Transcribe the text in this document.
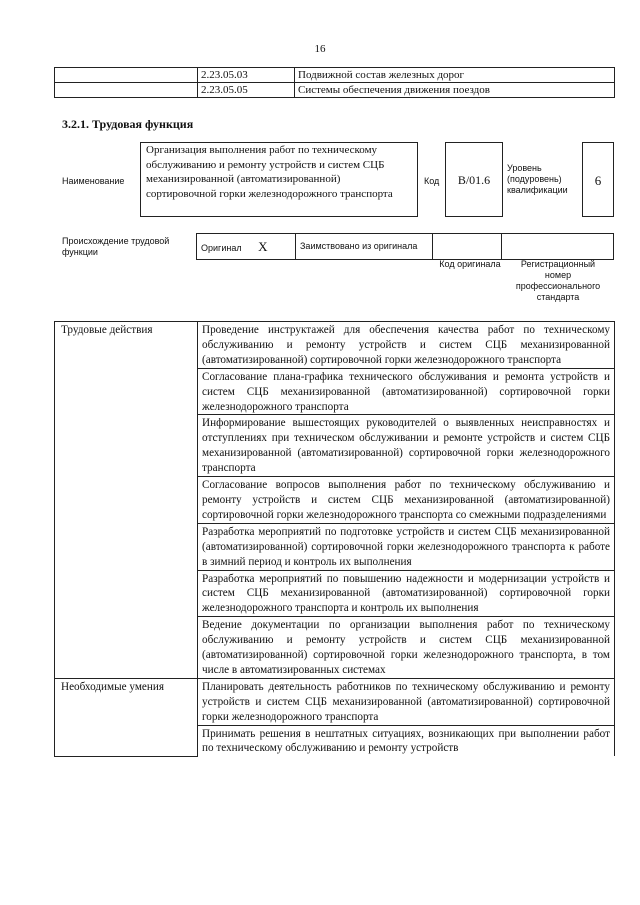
16
	2.23.05.03	Подвижной состав железных дорог
	2.23.05.05	Системы обеспечения движения поездов
3.2.1. Трудовая функция
Наименование
Организация выполнения работ по техническому обслуживанию и ремонту устройств и систем СЦБ механизированной (автоматизированной) сортировочной горки железнодорожного транспорта
Код	B/01.6
Уровень (подуровень) квалификации
6
Происхождение трудовой функции	Оригинал X	Заимствовано из оригинала		
Код оригинала	Регистрационный номер профессионального стандарта
Трудовые действия	Проведение инструктажей для обеспечения качества работ по техническому обслуживанию и ремонту устройств и систем СЦБ механизированной (автоматизированной) сортировочной горки железнодорожного транспорта
	Согласование плана-графика технического обслуживания и ремонта устройств и систем СЦБ механизированной (автоматизированной) сортировочной горки железнодорожного транспорта
	Информирование вышестоящих руководителей о выявленных неисправностях и отступлениях при техническом обслуживании и ремонте устройств и систем СЦБ механизированной (автоматизированной) сортировочной горки железнодорожного транспорта
	Согласование вопросов выполнения работ по техническому обслуживанию и ремонту устройств и систем СЦБ механизированной (автоматизированной) сортировочной горки железнодорожного транспорта со смежными подразделениями
	Разработка мероприятий по подготовке устройств и систем СЦБ механизированной (автоматизированной) сортировочной горки железнодорожного транспорта к работе в зимний период и контроль их выполнения
	Разработка мероприятий по повышению надежности и модернизации устройств и систем СЦБ механизированной (автоматизированной) сортировочной горки железнодорожного транспорта и контроль их выполнения
	Ведение документации по организации выполнения работ по техническому обслуживанию и ремонту устройств и систем СЦБ механизированной (автоматизированной) сортировочной горки железнодорожного транспорта, в том числе в автоматизированных системах
Необходимые умения	Планировать деятельность работников по техническому обслуживанию и ремонту устройств и систем СЦБ механизированной (автоматизированной) сортировочной горки железнодорожного транспорта
	Принимать решения в нештатных ситуациях, возникающих при выполнении работ по техническому обслуживанию и ремонту устройств
